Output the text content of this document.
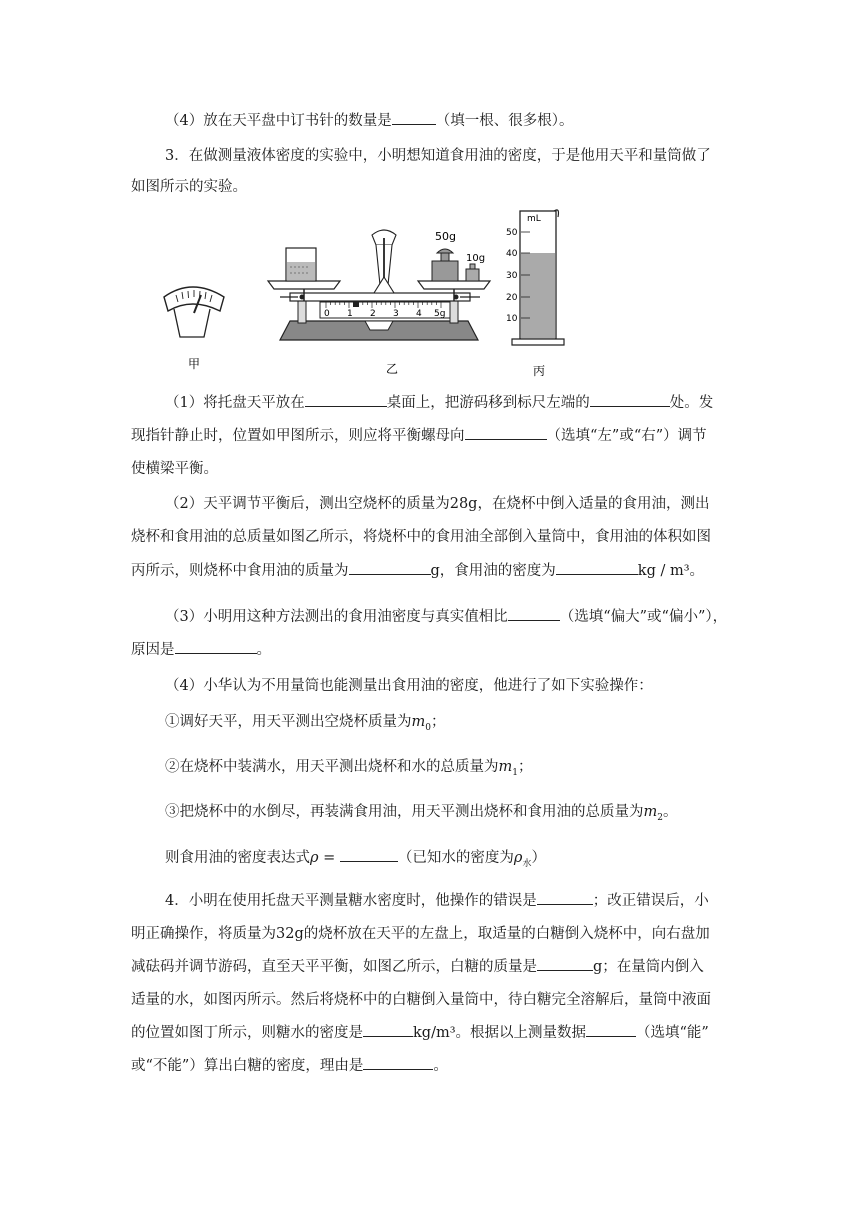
（4）放在天平盘中订书针的数量是	（填一根、很多根）。
3．在做测量液体密度的实验中，小明想知道食用油的密度，于是他用天平和量筒做了
如图所示的实验。
甲
50g
10g
0 1 2 3 4 5g
乙
mL
50
40
30
20
10
丙
（1）将托盘天平放在	桌面上，把游码移到标尺左端的	处。发
现指针静止时，位置如甲图所示，则应将平衡螺母向	（选填“左”或“右”）调节
使横梁平衡。
（2）天平调节平衡后，测出空烧杯的质量为28g，在烧杯中倒入适量的食用油，测出
烧杯和食用油的总质量如图乙所示，将烧杯中的食用油全部倒入量筒中，食用油的体积如图
丙所示，则烧杯中食用油的质量为	g，食用油的密度为	kg / m³。
（3）小明用这种方法测出的食用油密度与真实值相比	（选填“偏大”或“偏小”），
原因是	。
（4）小华认为不用量筒也能测量出食用油的密度，他进行了如下实验操作：
①调好天平，用天平测出空烧杯质量为$m_0$；
②在烧杯中装满水，用天平测出烧杯和水的总质量为$m_1$；
③把烧杯中的水倒尽，再装满食用油，用天平测出烧杯和食用油的总质量为$m_2$。
则食用油的密度表达式ρ =	（已知水的密度为$\rho_水$）
4．小明在使用托盘天平测量糖水密度时，他操作的错误是	；改正错误后，小
明正确操作，将质量为32g的烧杯放在天平的左盘上，取适量的白糖倒入烧杯中，向右盘加
减砝码并调节游码，直至天平平衡，如图乙所示，白糖的质量是	g；在量筒内倒入
适量的水，如图丙所示。然后将烧杯中的白糖倒入量筒中，待白糖完全溶解后，量筒中液面
的位置如图丁所示，则糖水的密度是	kg/m³。根据以上测量数据	（选填“能”
或“不能”）算出白糖的密度，理由是	。
